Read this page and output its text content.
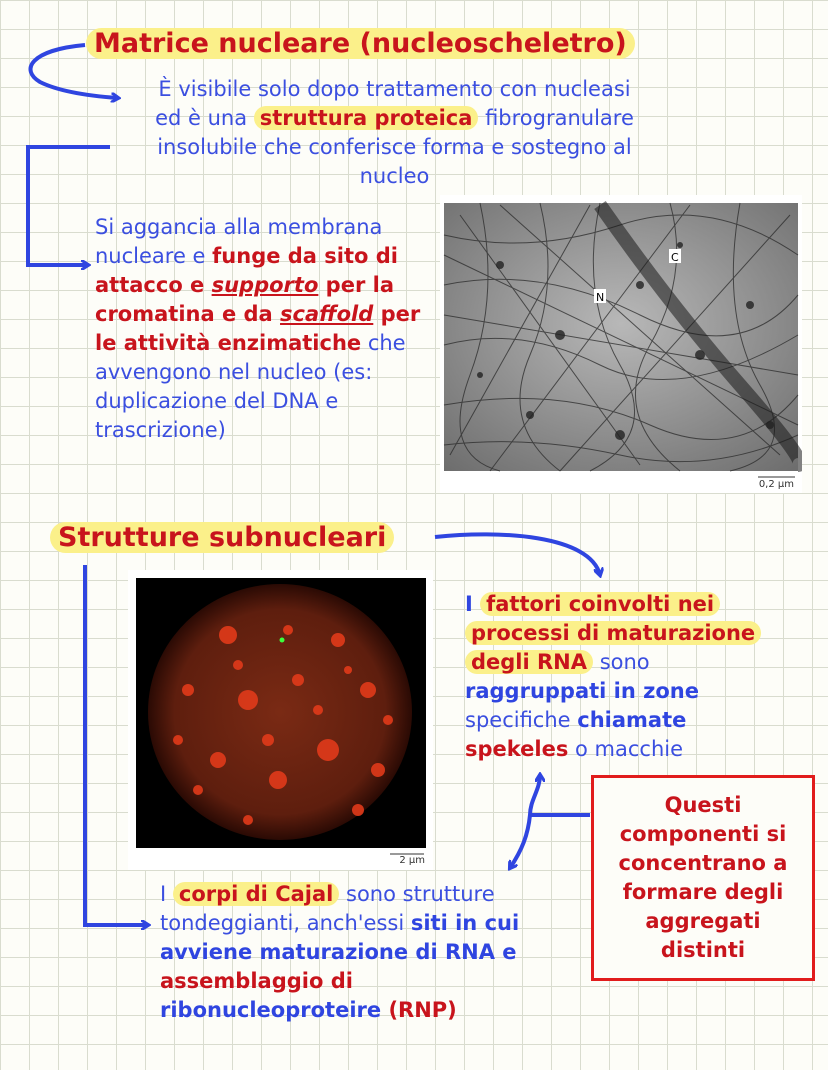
Matrice nucleare (nucleoscheletro)
È visibile solo dopo trattamento con nucleasi
ed è una struttura proteica fibrogranulare
insolubile che conferisce forma e sostegno al
nucleo
Si aggancia alla membrana nucleare e funge da sito di attacco e supporto per la cromatina e da scaffold per le attività enzimatiche che avvengono nel nucleo (es: duplicazione del DNA e trascrizione)
C
N
0,2 µm
Strutture subnucleari
2 µm
I fattori coinvolti nei processi di maturazione degli RNA sono raggruppati in zone specifiche chiamate
spekeles o macchie
Questi componenti si concentrano a formare degli aggregati distinti
I corpi di Cajal sono strutture tondeggianti, anch'essi siti in cui avviene maturazione di RNA e assemblaggio di ribonucleoproteire (RNP)
